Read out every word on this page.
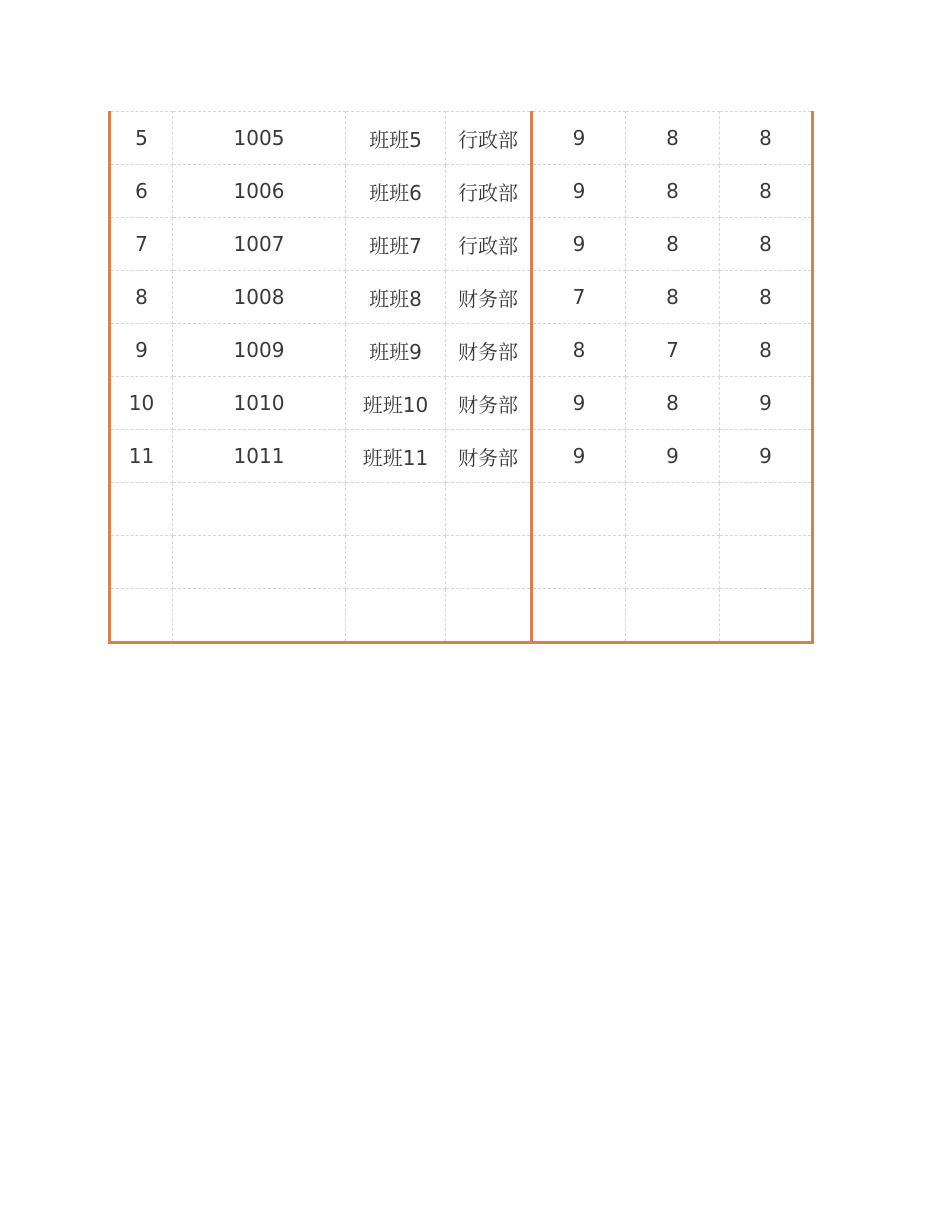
5	1005	班班5	行政部	9	8	8
6	1006	班班6	行政部	9	8	8
7	1007	班班7	行政部	9	8	8
8	1008	班班8	财务部	7	8	8
9	1009	班班9	财务部	8	7	8
10	1010	班班10	财务部	9	8	9
11	1011	班班11	财务部	9	9	9
